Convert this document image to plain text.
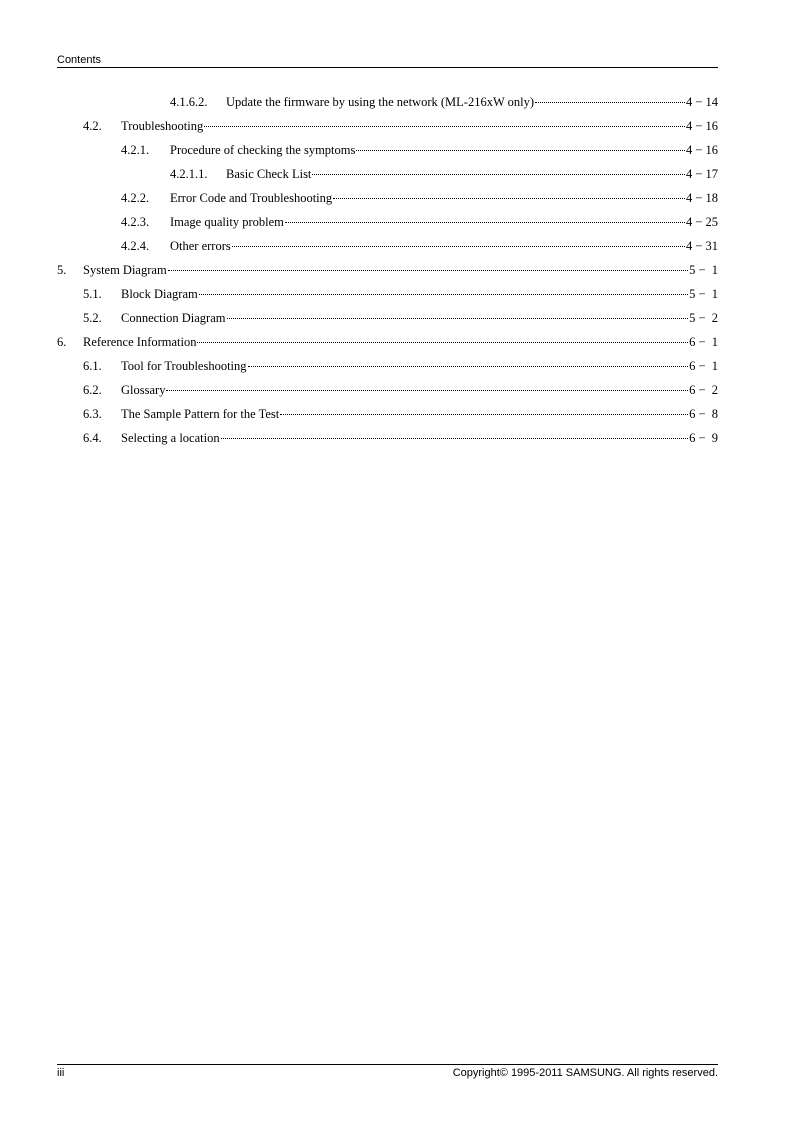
Contents
4.1.6.2.	Update the firmware by using the network (ML-216xW only)	4 − 14
4.2.	Troubleshooting	4 − 16
4.2.1.	Procedure of checking the symptoms	4 − 16
4.2.1.1.	Basic Check List	4 − 17
4.2.2.	Error Code and Troubleshooting	4 − 18
4.2.3.	Image quality problem	4 − 25
4.2.4.	Other errors	4 − 31
5.	System Diagram	5 −  1
5.1.	Block Diagram	5 −  1
5.2.	Connection Diagram	5 −  2
6.	Reference Information	6 −  1
6.1.	Tool for Troubleshooting	6 −  1
6.2.	Glossary	6 −  2
6.3.	The Sample Pattern for the Test	6 −  8
6.4.	Selecting a location	6 −  9
iii	Copyright© 1995-2011 SAMSUNG. All rights reserved.
